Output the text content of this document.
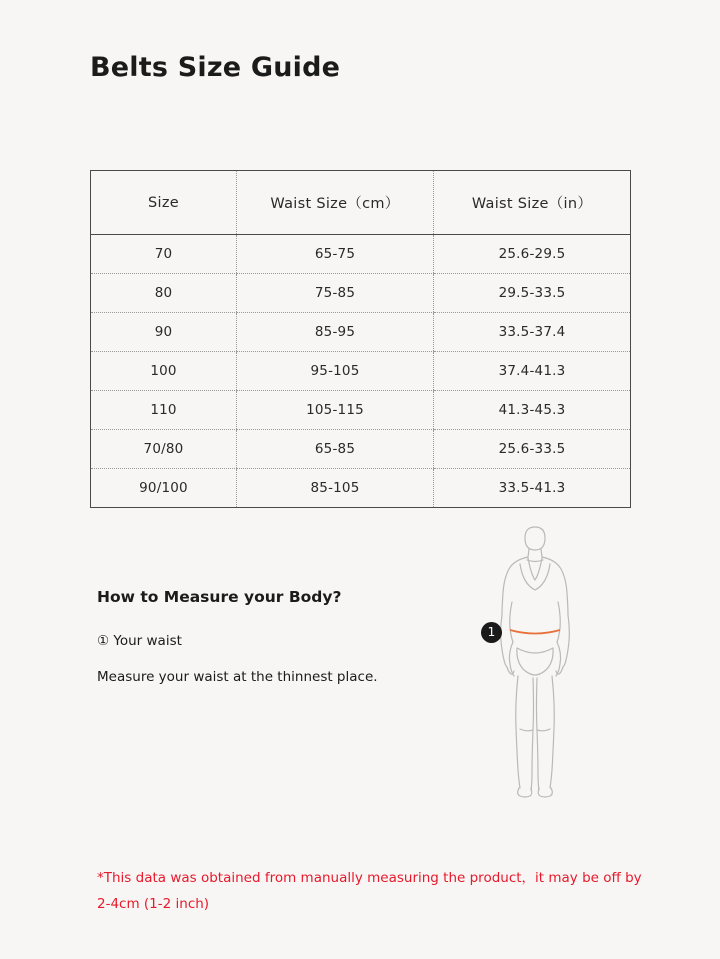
Belts Size Guide
Size	Waist Size（cm）	Waist Size（in）
70	65-75	25.6-29.5
80	75-85	29.5-33.5
90	85-95	33.5-37.4
100	95-105	37.4-41.3
110	105-115	41.3-45.3
70/80	65-85	25.6-33.5
90/100	85-105	33.5-41.3
How to Measure your Body?
① Your waist
Measure your waist at the thinnest place.
1
*This data was obtained from manually measuring the product，it may be off by 2-4cm (1-2 inch)
